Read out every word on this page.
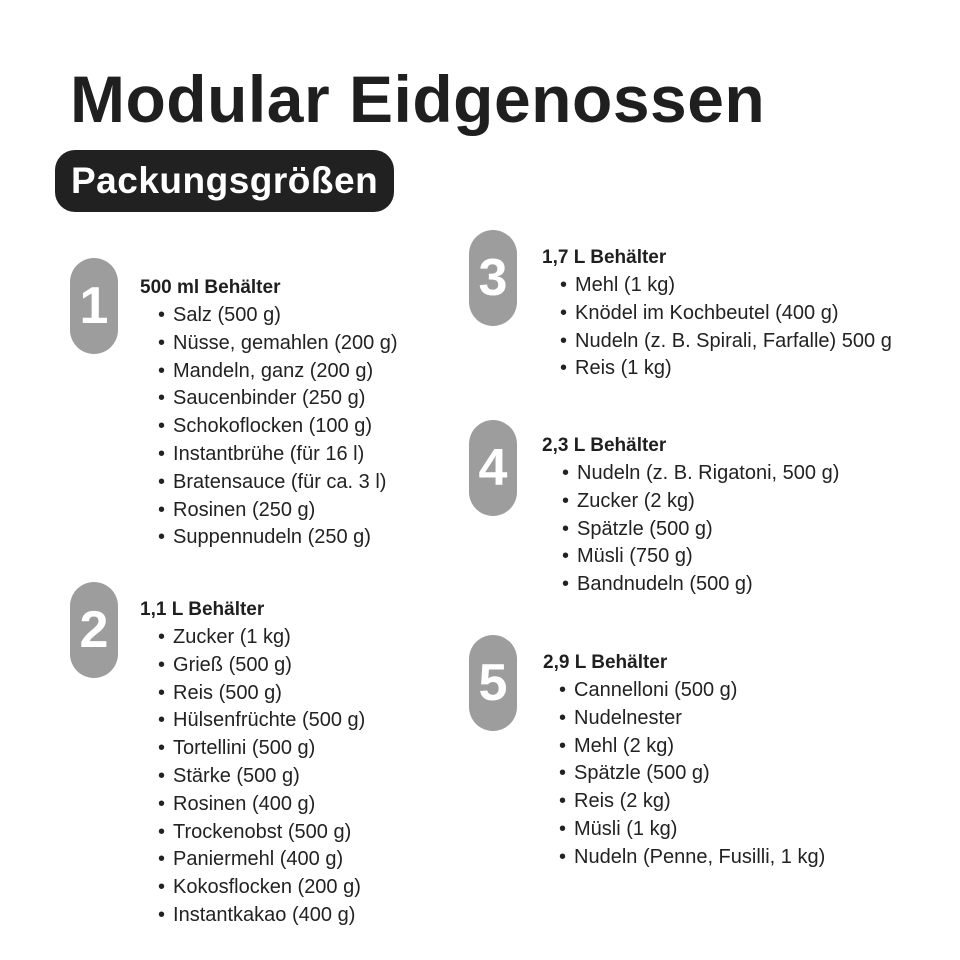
Modular Eidgenossen
Packungsgrößen
1	500 ml Behälter
• Salz (500 g)
• Nüsse, gemahlen (200 g)
• Mandeln, ganz (200 g)
• Saucenbinder (250 g)
• Schokoflocken (100 g)
• Instantbrühe (für 16 l)
• Bratensauce (für ca. 3 l)
• Rosinen (250 g)
• Suppennudeln (250 g)
2	1,1 L Behälter
• Zucker (1 kg)
• Grieß (500 g)
• Reis (500 g)
• Hülsenfrüchte (500 g)
• Tortellini (500 g)
• Stärke (500 g)
• Rosinen (400 g)
• Trockenobst (500 g)
• Paniermehl (400 g)
• Kokosflocken (200 g)
• Instantkakao (400 g)
3	1,7 L Behälter
• Mehl (1 kg)
• Knödel im Kochbeutel (400 g)
• Nudeln (z. B. Spirali, Farfalle) 500 g
• Reis (1 kg)
4	2,3 L Behälter
• Nudeln (z. B. Rigatoni, 500 g)
• Zucker (2 kg)
• Spätzle (500 g)
• Müsli (750 g)
• Bandnudeln (500 g)
5	2,9 L Behälter
• Cannelloni (500 g)
• Nudelnester
• Mehl (2 kg)
• Spätzle (500 g)
• Reis (2 kg)
• Müsli (1 kg)
• Nudeln (Penne, Fusilli, 1 kg)
